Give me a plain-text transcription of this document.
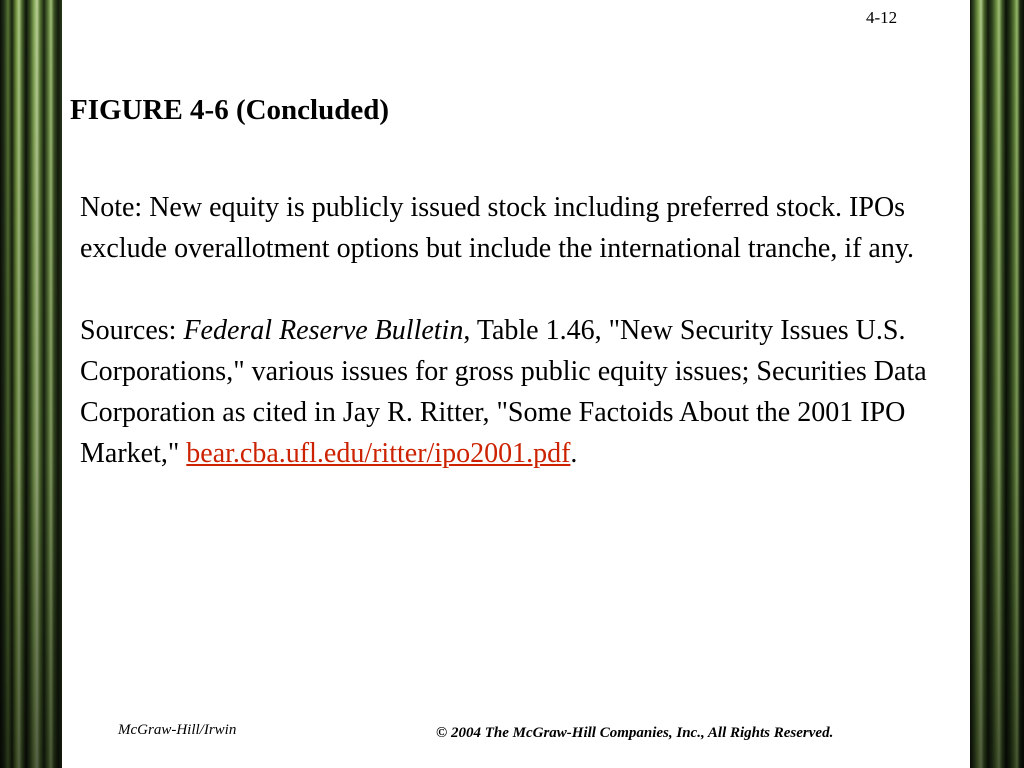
4-12
FIGURE 4-6 (Concluded)

Note: New equity is publicly issued stock including preferred stock. IPOs exclude overallotment options but include the international tranche, if any.

Sources: Federal Reserve Bulletin, Table 1.46, "New Security Issues U.S. Corporations," various issues for gross public equity issues; Securities Data Corporation as cited in Jay R. Ritter, "Some Factoids About the 2001 IPO Market," bear.cba.ufl.edu/ritter/ipo2001.pdf.

McGraw-Hill/Irwin	© 2004 The McGraw-Hill Companies, Inc., All Rights Reserved.
